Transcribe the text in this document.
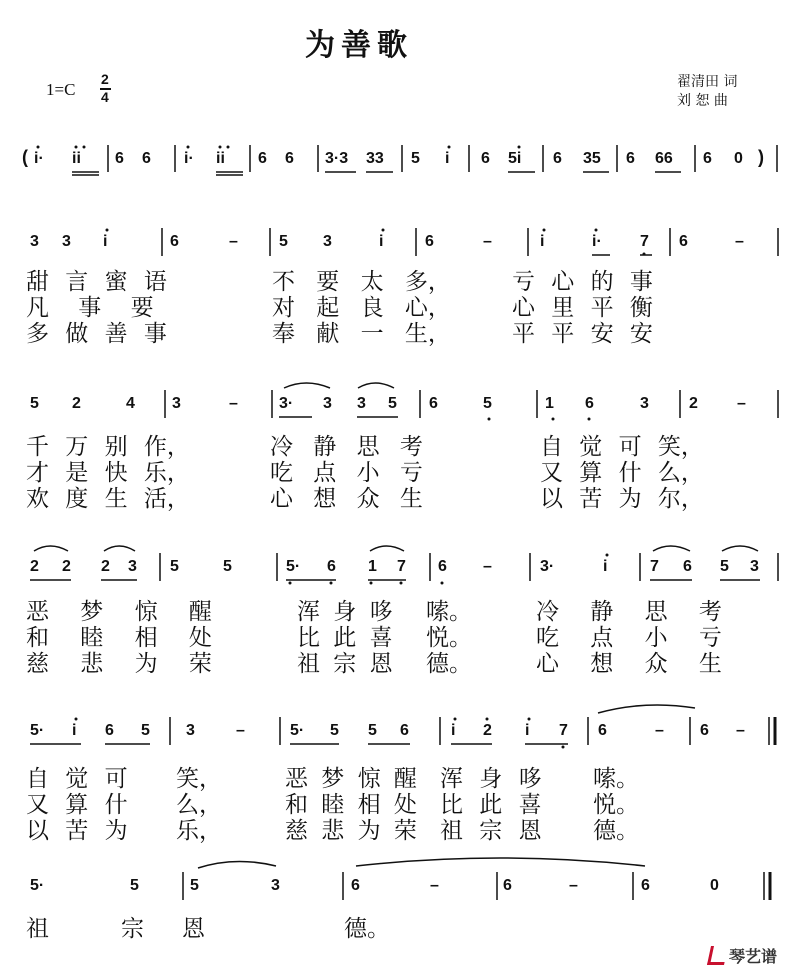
为善歌
1=C
2
4
翟清田 词
刘 恕 曲
( i· ii 6 6 i· ii 6 6 3·3 33 5 i 6 5i 6 35 6 66 6 0 )
3 3 i	6	–	5 3	i	6	–	i	i· 7 6	–
甜 言 蜜 语	不 要 太 多，	亏 心 的 事
凡 事 要	对 起 良 心，	心 里 平 衡
多 做 善 事	奉 献 一 生，	平 平 安 安
5 2	4 3	–	3· 3 3 5 6	5	1 6	3	2 –
千 万 别 作，	冷 静 思 考	自 觉 可 笑，
才 是 快 乐，	吃 点 小 亏	又 算 什 么，
欢 度 生 活，	心 想 众 生	以 苦 为 尔，
2 2 2 3 5	5	5· 6 1 7 6 –	3·	i	7 6 5 3
恶 梦 惊 醒	浑 身 哆 嗦。	冷 静 思 考
和 睦 相 处	比 此 喜 悦。	吃 点 小 亏
慈 悲 为 荣	祖 宗 恩 德。	心 想 众 生
5· i 6 5 3	–	5· 5 5 6	i 2 i 7 6	– 6 –
自 觉 可 笑，	恶 梦 惊 醒 浑 身 哆 嗦。
又 算 什 么，	和 睦 相 处 比 此 喜 悦。
以 苦 为 乐，	慈 悲 为 荣 祖 宗 恩 德。
5·	5	5	3	6	–	6	–	6	0
祖	宗 恩	德。
琴艺谱
